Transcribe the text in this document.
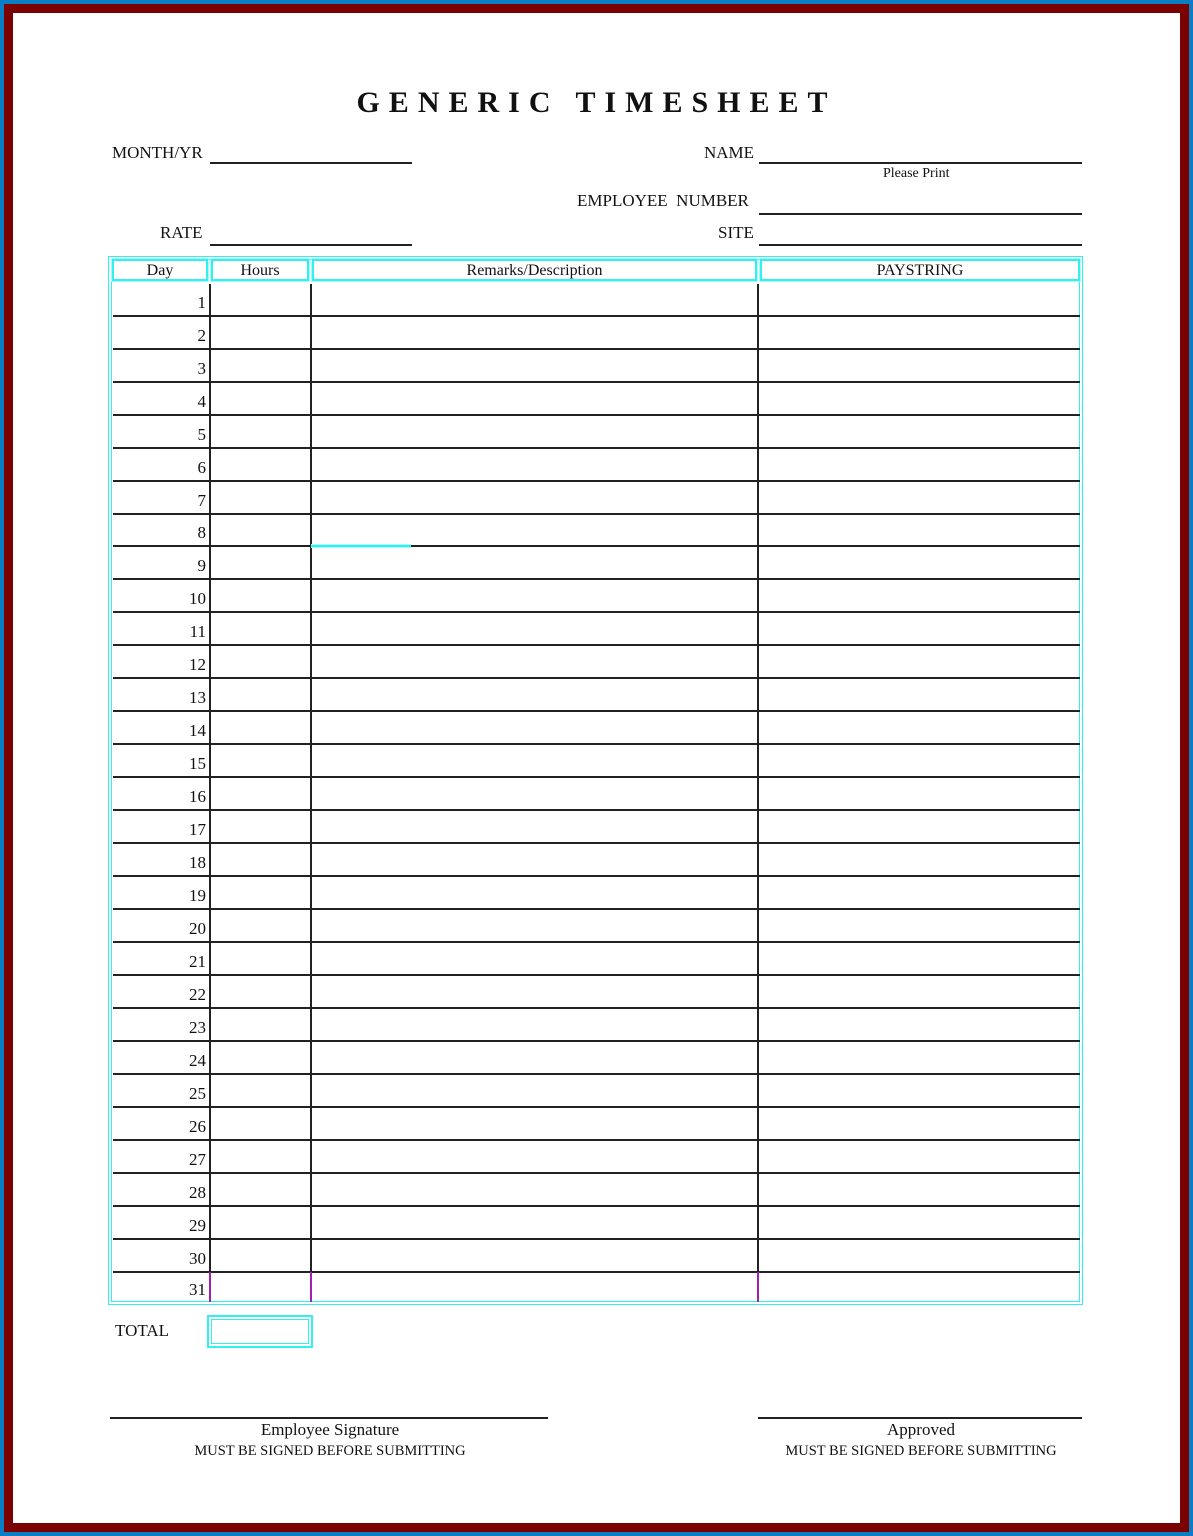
GENERIC TIMESHEET
MONTH/YR
RATE
NAME
Please Print
EMPLOYEE  NUMBER
SITE
Day	Hours	Remarks/Description	PAYSTRING
1
2
3
4
5
6
7
8
9
10
11
12
13
14
15
16
17
18
19
20
21
22
23
24
25
26
27
28
29
30
31
TOTAL
Employee Signature
MUST BE SIGNED BEFORE SUBMITTING
Approved
MUST BE SIGNED BEFORE SUBMITTING
